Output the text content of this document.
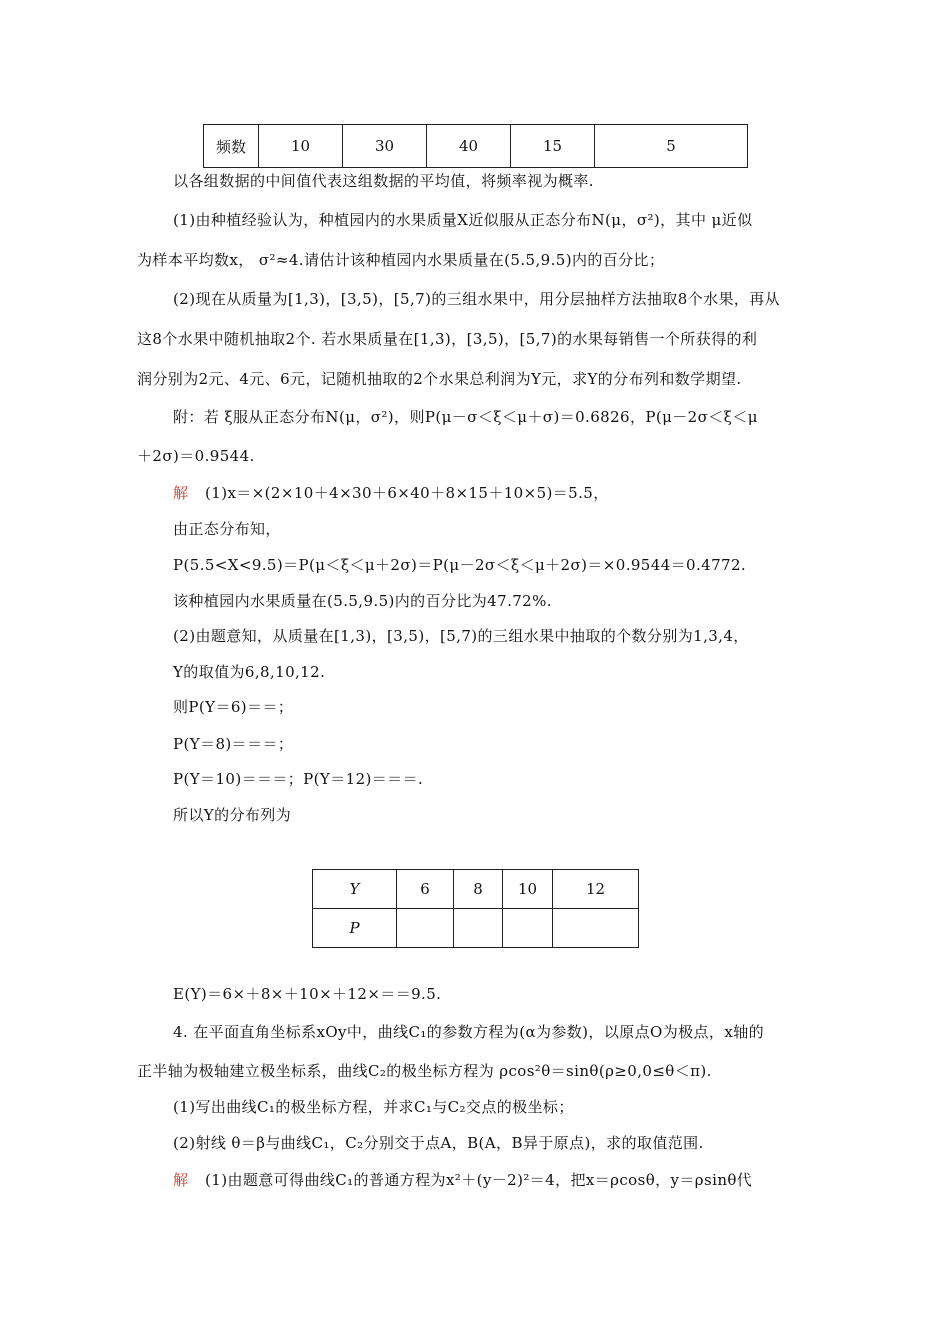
频数	10	30	40	15	5
以各组数据的中间值代表这组数据的平均值，将频率视为概率.
(1)由种植经验认为，种植园内的水果质量X近似服从正态分布N(μ，σ²)，其中 μ近似
为样本平均数x， σ²≈4.请估计该种植园内水果质量在(5.5,9.5)内的百分比；
(2)现在从质量为[1,3)，[3,5)，[5,7)的三组水果中，用分层抽样方法抽取8个水果，再从
这8个水果中随机抽取2个. 若水果质量在[1,3)，[3,5)，[5,7)的水果每销售一个所获得的利
润分别为2元、4元、6元，记随机抽取的2个水果总利润为Y元，求Y的分布列和数学期望.
附：若 ξ服从正态分布N(μ，σ²)，则P(μ－σ＜ξ＜μ＋σ)＝0.6826，P(μ－2σ＜ξ＜μ
＋2σ)＝0.9544.
解 (1)x＝×(2×10＋4×30＋6×40＋8×15＋10×5)＝5.5，
由正态分布知，
P(5.5<X<9.5)＝P(μ＜ξ＜μ＋2σ)＝P(μ－2σ＜ξ＜μ＋2σ)＝×0.9544＝0.4772.
该种植园内水果质量在(5.5,9.5)内的百分比为47.72%.
(2)由题意知，从质量在[1,3)，[3,5)，[5,7)的三组水果中抽取的个数分别为1,3,4，
Y的取值为6,8,10,12.
则P(Y＝6)＝＝；
P(Y＝8)＝＝＝；
P(Y＝10)＝＝＝；P(Y＝12)＝＝＝.
所以Y的分布列为
Y	6	8	10	12
P				
E(Y)＝6×＋8×＋10×＋12×＝＝9.5.
4. 在平面直角坐标系xOy中，曲线C₁的参数方程为(α为参数)，以原点O为极点，x轴的
正半轴为极轴建立极坐标系，曲线C₂的极坐标方程为 ρcos²θ＝sinθ(ρ≥0,0≤θ＜π).
(1)写出曲线C₁的极坐标方程，并求C₁与C₂交点的极坐标；
(2)射线 θ＝β与曲线C₁，C₂分别交于点A，B(A，B异于原点)，求的取值范围.
解 (1)由题意可得曲线C₁的普通方程为x²＋(y－2)²＝4，把x＝ρcosθ，y＝ρsinθ代
